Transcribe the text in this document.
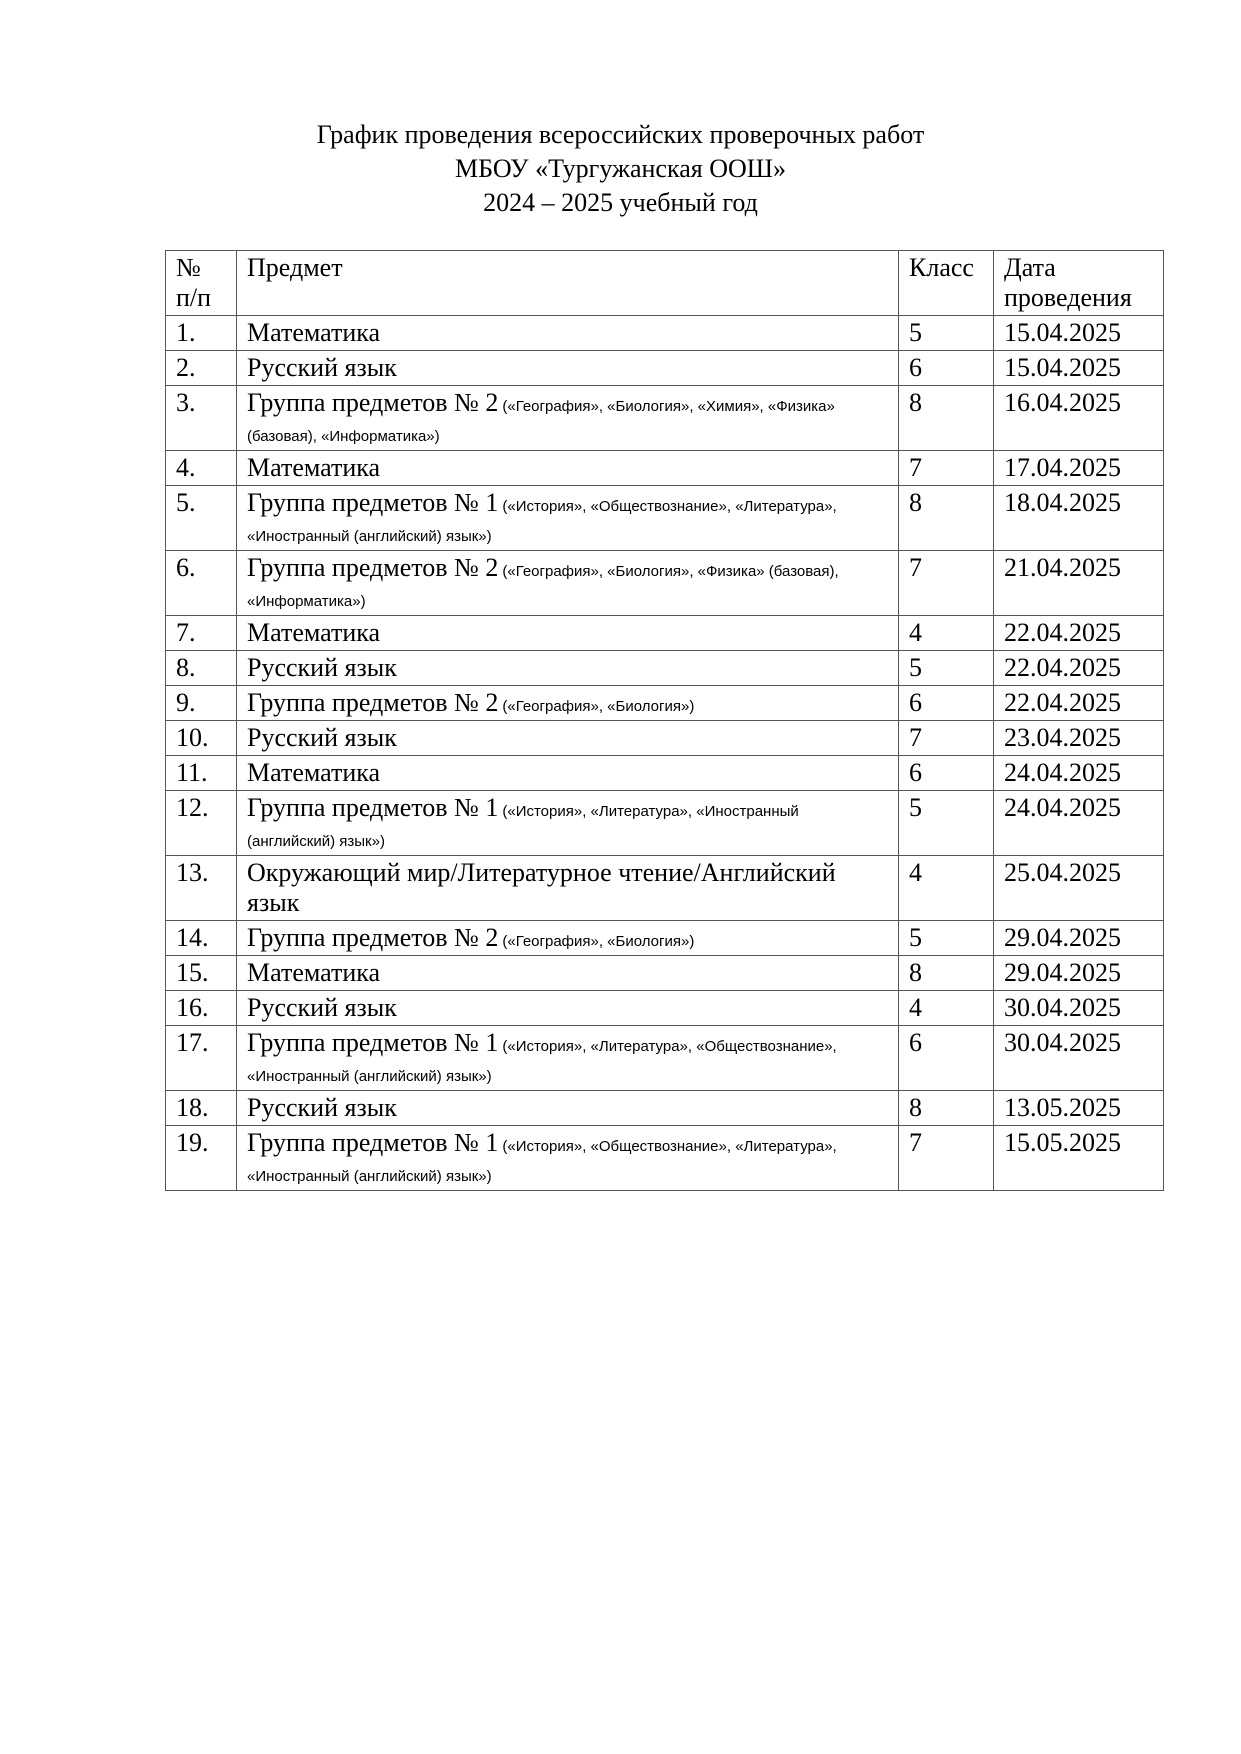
График проведения всероссийских проверочных работ
МБОУ «Тургужанская ООШ»
2024 – 2025 учебный год
№ п/п	Предмет	Класс	Дата проведения
1.	Математика	5	15.04.2025
2.	Русский язык	6	15.04.2025
3.	Группа предметов № 2 («География», «Биология», «Химия», «Физика» (базовая), «Информатика»)	8	16.04.2025
4.	Математика	7	17.04.2025
5.	Группа предметов № 1 («История», «Обществознание», «Литература», «Иностранный (английский) язык»)	8	18.04.2025
6.	Группа предметов № 2 («География», «Биология», «Физика» (базовая), «Информатика»)	7	21.04.2025
7.	Математика	4	22.04.2025
8.	Русский язык	5	22.04.2025
9.	Группа предметов № 2 («География», «Биология»)	6	22.04.2025
10.	Русский язык	7	23.04.2025
11.	Математика	6	24.04.2025
12.	Группа предметов № 1 («История», «Литература», «Иностранный (английский) язык»)	5	24.04.2025
13.	Окружающий мир/Литературное чтение/Английский язык	4	25.04.2025
14.	Группа предметов № 2 («География», «Биология»)	5	29.04.2025
15.	Математика	8	29.04.2025
16.	Русский язык	4	30.04.2025
17.	Группа предметов № 1 («История», «Литература», «Обществознание», «Иностранный (английский) язык»)	6	30.04.2025
18.	Русский язык	8	13.05.2025
19.	Группа предметов № 1 («История», «Обществознание», «Литература», «Иностранный (английский) язык»)	7	15.05.2025
